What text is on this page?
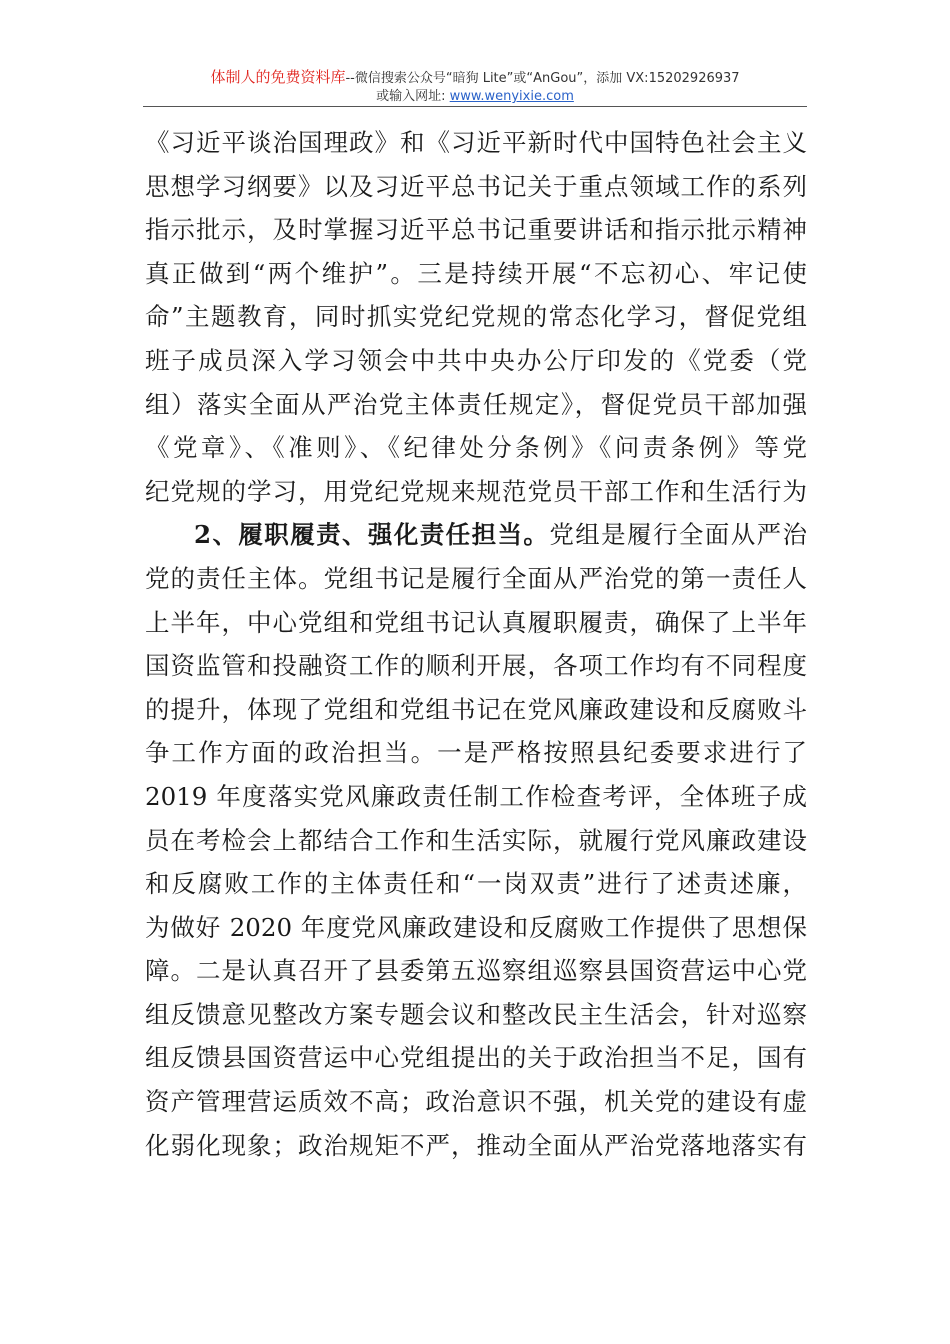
体制人的免费资料库--微信搜索公众号“暗狗 Lite”或“AnGou”，添加 VX:15202926937
或输入网址: www.wenyixie.com
《习近平谈治国理政》和《习近平新时代中国特色社会主义
思想学习纲要》以及习近平总书记关于重点领域工作的系列
指示批示，及时掌握习近平总书记重要讲话和指示批示精神
真正做到“两个维护”。三是持续开展“不忘初心、牢记使
命”主题教育，同时抓实党纪党规的常态化学习，督促党组
班子成员深入学习领会中共中央办公厅印发的《党委（党
组）落实全面从严治党主体责任规定》，督促党员干部加强
《党章》、《准则》、《纪律处分条例》《问责条例》等党
纪党规的学习，用党纪党规来规范党员干部工作和生活行为
2、履职履责、强化责任担当。党组是履行全面从严治
党的责任主体。党组书记是履行全面从严治党的第一责任人
上半年，中心党组和党组书记认真履职履责，确保了上半年
国资监管和投融资工作的顺利开展，各项工作均有不同程度
的提升，体现了党组和党组书记在党风廉政建设和反腐败斗
争工作方面的政治担当。一是严格按照县纪委要求进行了
2019 年度落实党风廉政责任制工作检查考评，全体班子成
员在考检会上都结合工作和生活实际，就履行党风廉政建设
和反腐败工作的主体责任和“一岗双责”进行了述责述廉，
为做好 2020 年度党风廉政建设和反腐败工作提供了思想保
障。二是认真召开了县委第五巡察组巡察县国资营运中心党
组反馈意见整改方案专题会议和整改民主生活会，针对巡察
组反馈县国资营运中心党组提出的关于政治担当不足，国有
资产管理营运质效不高；政治意识不强，机关党的建设有虚
化弱化现象；政治规矩不严，推动全面从严治党落地落实有
